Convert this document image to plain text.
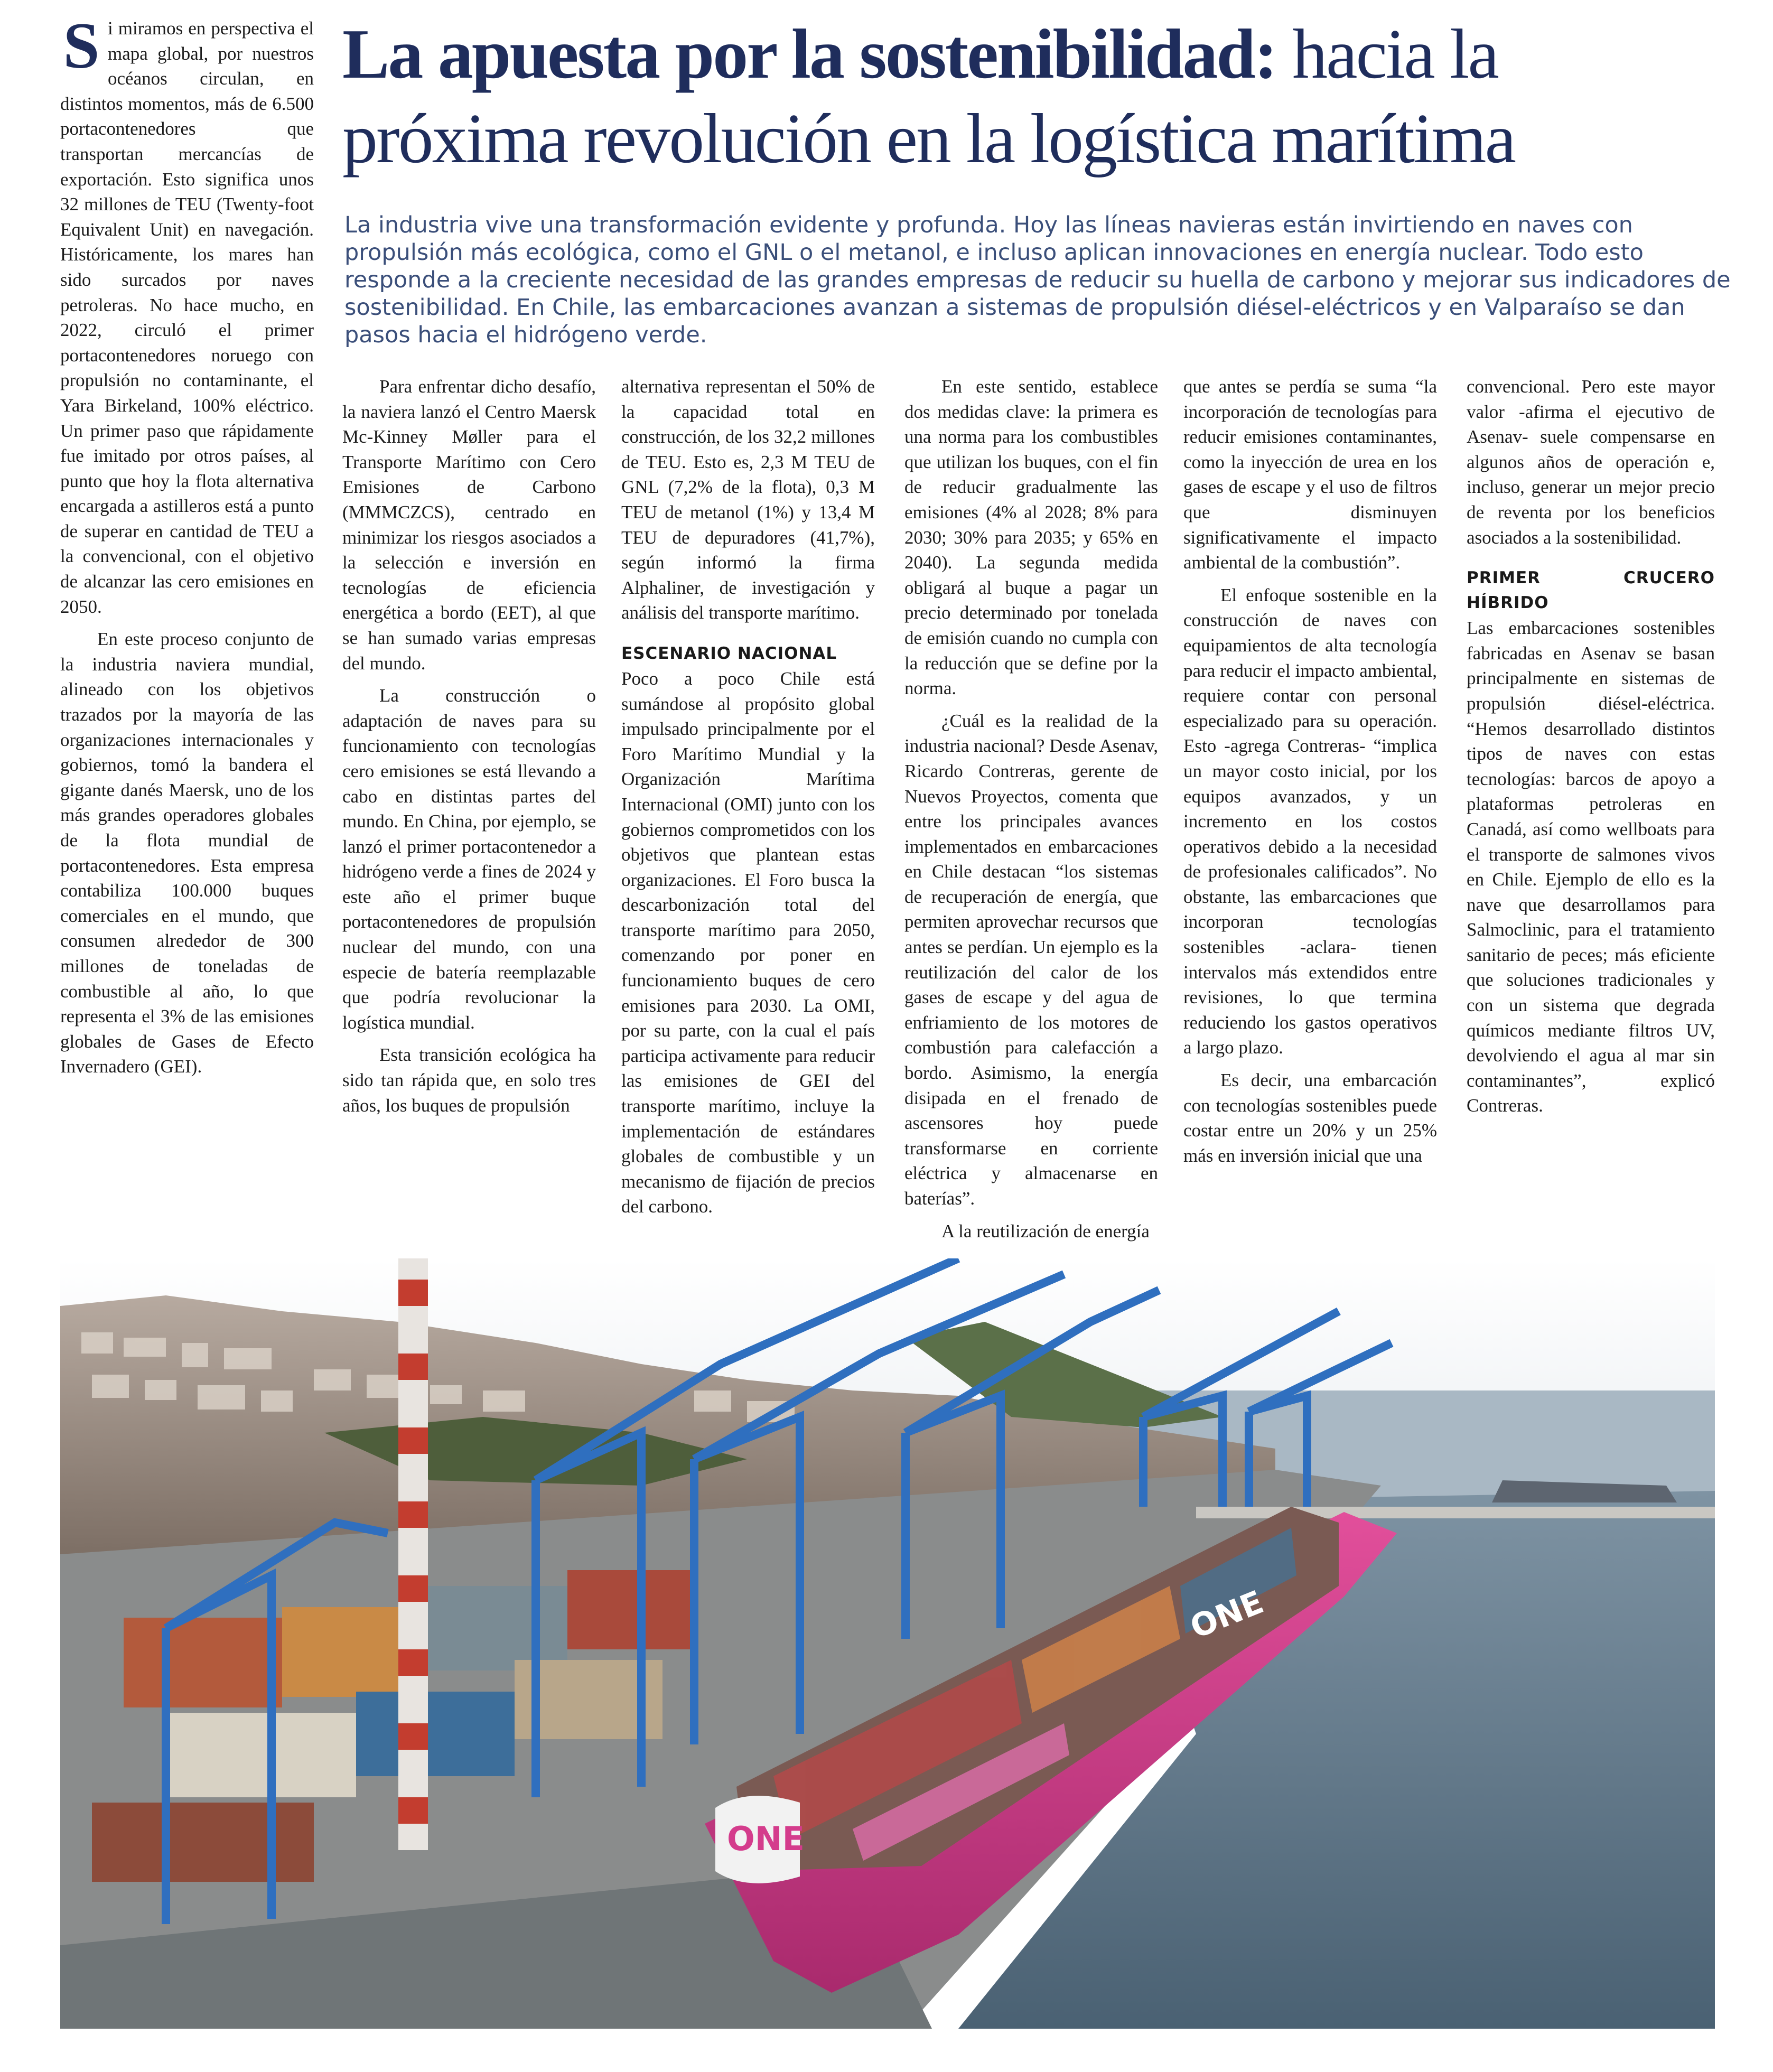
La apuesta por la sostenibilidad: hacia la próxima revolución en la logística marítima

La industria vive una transformación evidente y profunda. Hoy las líneas navieras están invirtiendo en naves con propulsión más ecológica, como el GNL o el metanol, e incluso aplican innovaciones en energía nuclear. Todo esto responde a la creciente necesidad de las grandes empresas de reducir su huella de carbono y mejorar sus indicadores de sostenibilidad. En Chile, las embarcaciones avanzan a sistemas de propulsión diésel-eléctricos y en Valparaíso se dan pasos hacia el hidrógeno verde.

Si miramos en perspectiva el mapa global, por nuestros océanos circulan, en distintos momentos, más de 6.500 portacontenedores que transportan mercancías de exportación. Esto significa unos 32 millones de TEU (Twenty-foot Equivalent Unit) en navegación. Históricamente, los mares han sido surcados por naves petroleras. No hace mucho, en 2022, circuló el primer portacontenedores noruego con propulsión no contaminante, el Yara Birkeland, 100% eléctrico. Un primer paso que rápidamente fue imitado por otros países, al punto que hoy la flota alternativa encargada a astilleros está a punto de superar en cantidad de TEU a la convencional, con el objetivo de alcanzar las cero emisiones en 2050.

En este proceso conjunto de la industria naviera mundial, alineado con los objetivos trazados por la mayoría de las organizaciones internacionales y gobiernos, tomó la bandera el gigante danés Maersk, uno de los más grandes operadores globales de la flota mundial de portacontenedores. Esta empresa contabiliza 100.000 buques comerciales en el mundo, que consumen alrededor de 300 millones de toneladas de combustible al año, lo que representa el 3% de las emisiones globales de Gases de Efecto Invernadero (GEI).

Para enfrentar dicho desafío, la naviera lanzó el Centro Maersk Mc-Kinney Møller para el Transporte Marítimo con Cero Emisiones de Carbono (MMMCZCS), centrado en minimizar los riesgos asociados a la selección e inversión en tecnologías de eficiencia energética a bordo (EET), al que se han sumado varias empresas del mundo.

La construcción o adaptación de naves para su funcionamiento con tecnologías cero emisiones se está llevando a cabo en distintas partes del mundo. En China, por ejemplo, se lanzó el primer portacontenedor a hidrógeno verde a fines de 2024 y este año el primer buque portacontenedores de propulsión nuclear del mundo, con una especie de batería reemplazable que podría revolucionar la logística mundial.

Esta transición ecológica ha sido tan rápida que, en solo tres años, los buques de propulsión

alternativa representan el 50% de la capacidad total en construcción, de los 32,2 millones de TEU. Esto es, 2,3 M TEU de GNL (7,2% de la flota), 0,3 M TEU de metanol (1%) y 13,4 M TEU de depuradores (41,7%), según informó la firma Alphaliner, de investigación y análisis del transporte marítimo.

ESCENARIO NACIONAL

Poco a poco Chile está sumándose al propósito global impulsado principalmente por el Foro Marítimo Mundial y la Organización Marítima Internacional (OMI) junto con los gobiernos comprometidos con los objetivos que plantean estas organizaciones. El Foro busca la descarbonización total del transporte marítimo para 2050, comenzando por poner en funcionamiento buques de cero emisiones para 2030. La OMI, por su parte, con la cual el país participa activamente para reducir las emisiones de GEI del transporte marítimo, incluye la implementación de estándares globales de combustible y un mecanismo de fijación de precios del carbono.

En este sentido, establece dos medidas clave: la primera es una norma para los combustibles que utilizan los buques, con el fin de reducir gradualmente las emisiones (4% al 2028; 8% para 2030; 30% para 2035; y 65% en 2040). La segunda medida obligará al buque a pagar un precio determinado por tonelada de emisión cuando no cumpla con la reducción que se define por la norma.

¿Cuál es la realidad de la industria nacional? Desde Asenav, Ricardo Contreras, gerente de Nuevos Proyectos, comenta que entre los principales avances implementados en embarcaciones en Chile destacan “los sistemas de recuperación de energía, que permiten aprovechar recursos que antes se perdían. Un ejemplo es la reutilización del calor de los gases de escape y del agua de enfriamiento de los motores de combustión para calefacción a bordo. Asimismo, la energía disipada en el frenado de ascensores hoy puede transformarse en corriente eléctrica y almacenarse en baterías”.

A la reutilización de energía

que antes se perdía se suma “la incorporación de tecnologías para reducir emisiones contaminantes, como la inyección de urea en los gases de escape y el uso de filtros que disminuyen significativamente el impacto ambiental de la combustión”.

El enfoque sostenible en la construcción de naves con equipamientos de alta tecnología para reducir el impacto ambiental, requiere contar con personal especializado para su operación. Esto -agrega Contreras- “implica un mayor costo inicial, por los equipos avanzados, y un incremento en los costos operativos debido a la necesidad de profesionales calificados”. No obstante, las embarcaciones que incorporan tecnologías sostenibles -aclara- tienen intervalos más extendidos entre revisiones, lo que termina reduciendo los gastos operativos a largo plazo.

Es decir, una embarcación con tecnologías sostenibles puede costar entre un 20% y un 25% más en inversión inicial que una

convencional. Pero este mayor valor -afirma el ejecutivo de Asenav- suele compensarse en algunos años de operación e, incluso, generar un mejor precio de reventa por los beneficios asociados a la sostenibilidad.

PRIMER CRUCERO HÍBRIDO

Las embarcaciones sostenibles fabricadas en Asenav se basan principalmente en sistemas de propulsión diésel-eléctrica. “Hemos desarrollado distintos tipos de naves con estas tecnologías: barcos de apoyo a plataformas petroleras en Canadá, así como wellboats para el transporte de salmones vivos en Chile. Ejemplo de ello es la nave que desarrollamos para Salmoclinic, para el tratamiento sanitario de peces; más eficiente que soluciones tradicionales y con un sistema que degrada químicos mediante filtros UV, devolviendo el agua al mar sin contaminantes”, explicó Contreras.

ONE
ONE
